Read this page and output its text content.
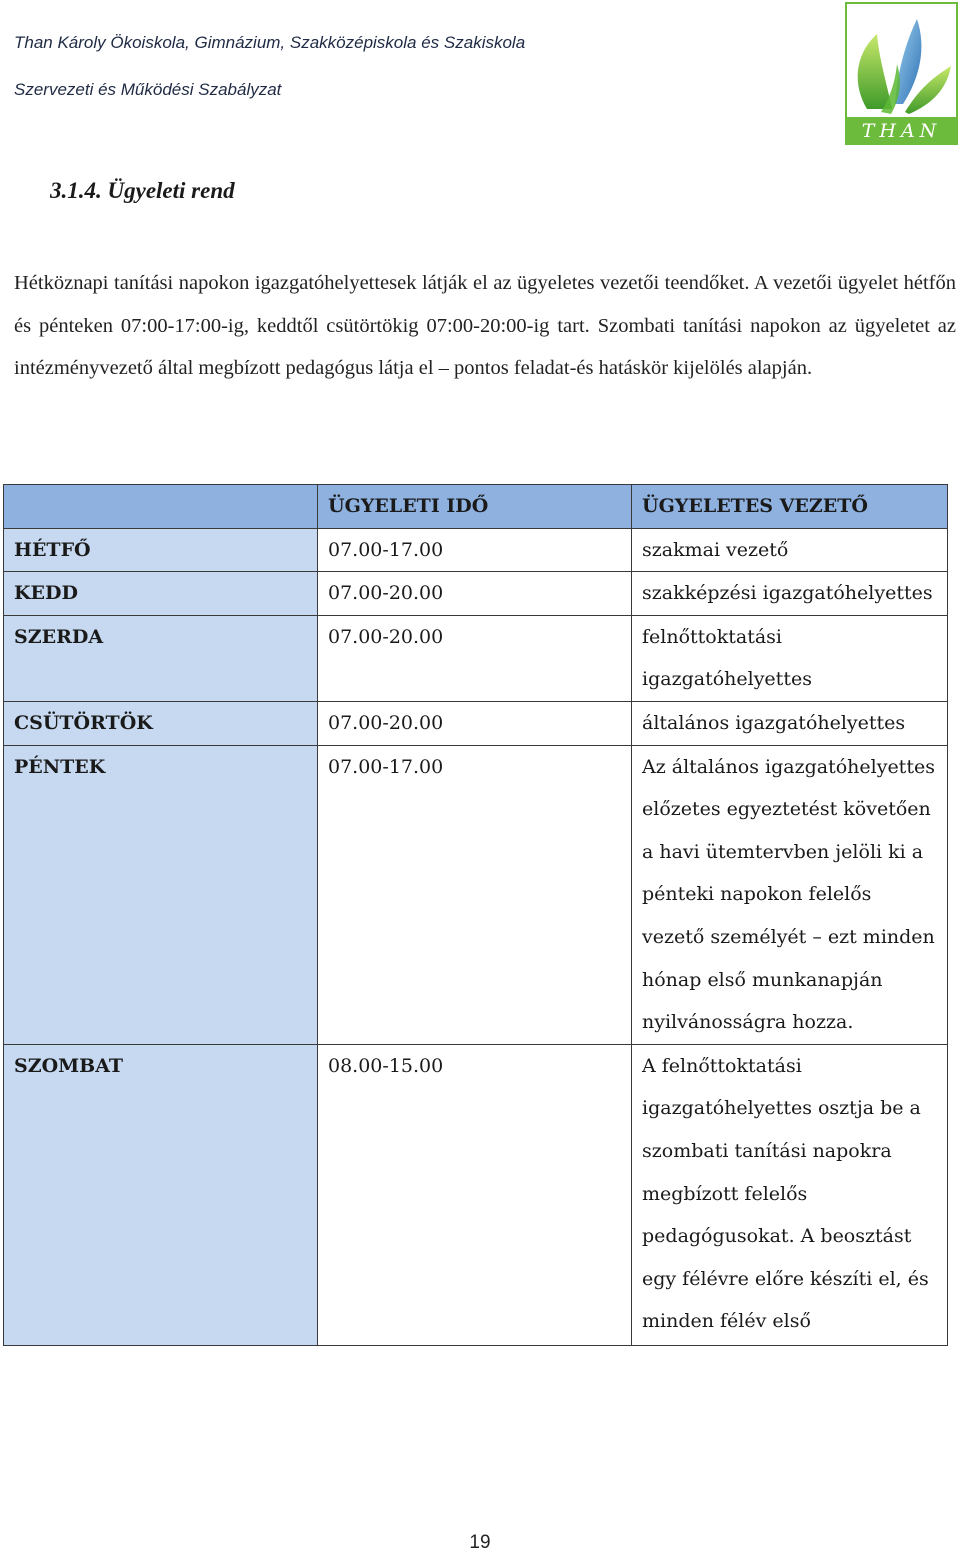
Than Károly Ökoiskola, Gimnázium, Szakközépiskola és Szakiskola
Szervezeti és Működési Szabályzat
THAN
3.1.4. Ügyeleti rend
Hétköznapi tanítási napokon igazgatóhelyettesek látják el az ügyeletes vezetői teendőket. A vezetői ügyelet hétfőn és pénteken 07:00-17:00-ig, keddtől csütörtökig 07:00-20:00-ig tart. Szombati tanítási napokon az ügyeletet az intézményvezető által megbízott pedagógus látja el – pontos feladat-és hatáskör kijelölés alapján.
	ÜGYELETI IDŐ	ÜGYELETES VEZETŐ
HÉTFŐ	07.00-17.00	szakmai vezető
KEDD	07.00-20.00	szakképzési igazgatóhelyettes
SZERDA	07.00-20.00	felnőttoktatási igazgatóhelyettes
CSÜTÖRTÖK	07.00-20.00	általános igazgatóhelyettes
PÉNTEK	07.00-17.00	Az általános igazgatóhelyettes előzetes egyeztetést követően a havi ütemtervben jelöli ki a pénteki napokon felelős vezető személyét – ezt minden hónap első munkanapján nyilvánosságra hozza.
SZOMBAT	08.00-15.00	A felnőttoktatási igazgatóhelyettes osztja be a szombati tanítási napokra megbízott felelős pedagógusokat. A beosztást egy félévre előre készíti el, és minden félév első
19
